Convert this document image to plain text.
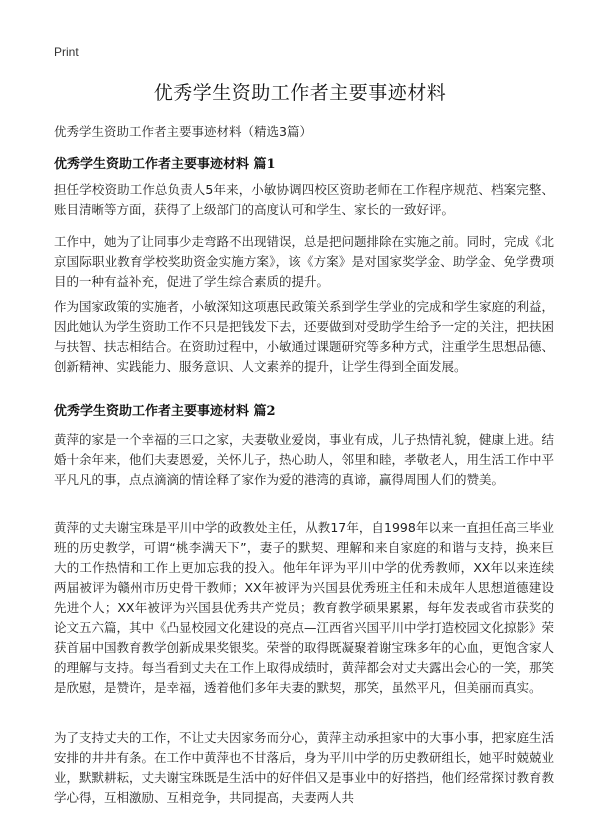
Print
优秀学生资助工作者主要事迹材料
优秀学生资助工作者主要事迹材料（精选3篇）
优秀学生资助工作者主要事迹材料 篇1

担任学校资助工作总负责人5年来，小敏协调四校区资助老师在工作程序规范、档案完整、账目清晰等方面，获得了上级部门的高度认可和学生、家长的一致好评。

工作中，她为了让同事少走弯路不出现错误，总是把问题排除在实施之前。同时，完成《北京国际职业教育学校奖助资金实施方案》，该《方案》是对国家奖学金、助学金、免学费项目的一种有益补充，促进了学生综合素质的提升。

作为国家政策的实施者，小敏深知这项惠民政策关系到学生学业的完成和学生家庭的利益，因此她认为学生资助工作不只是把钱发下去，还要做到对受助学生给予一定的关注，把扶困与扶智、扶志相结合。在资助过程中，小敏通过课题研究等多种方式，注重学生思想品德、创新精神、实践能力、服务意识、人文素养的提升，让学生得到全面发展。

优秀学生资助工作者主要事迹材料 篇2

黄萍的家是一个幸福的三口之家，夫妻敬业爱岗，事业有成，儿子热情礼貌，健康上进。结婚十余年来，他们夫妻恩爱，关怀儿子，热心助人，邻里和睦，孝敬老人，用生活工作中平平凡凡的事，点点滴滴的情诠释了家作为爱的港湾的真谛，赢得周围人们的赞美。

黄萍的丈夫谢宝珠是平川中学的政教处主任，从教17年，自1998年以来一直担任高三毕业班的历史教学，可谓“桃李满天下”，妻子的默契、理解和来自家庭的和谐与支持，换来巨大的工作热情和工作上更加忘我的投入。他年年评为平川中学的优秀教师，XX年以来连续两届被评为赣州市历史骨干教师；XX年被评为兴国县优秀班主任和未成年人思想道德建设先进个人；XX年被评为兴国县优秀共产党员；教育教学硕果累累，每年发表或省市获奖的论文五六篇，其中《凸显校园文化建设的亮点—江西省兴国平川中学打造校园文化掠影》荣获首届中国教育教学创新成果奖银奖。荣誉的取得既凝聚着谢宝珠多年的心血，更饱含家人的理解与支持。每当看到丈夫在工作上取得成绩时，黄萍都会对丈夫露出会心的一笑，那笑是欣慰，是赞许，是幸福，透着他们多年夫妻的默契，那笑，虽然平凡，但美丽而真实。

为了支持丈夫的工作，不让丈夫因家务而分心，黄萍主动承担家中的大事小事，把家庭生活安排的井井有条。在工作中黄萍也不甘落后，身为平川中学的历史教研组长，她平时兢兢业业，默默耕耘，丈夫谢宝珠既是生活中的好伴侣又是事业中的好搭挡，他们经常探讨教育教学心得，互相激励、互相竞争，共同提高，夫妻两人共
